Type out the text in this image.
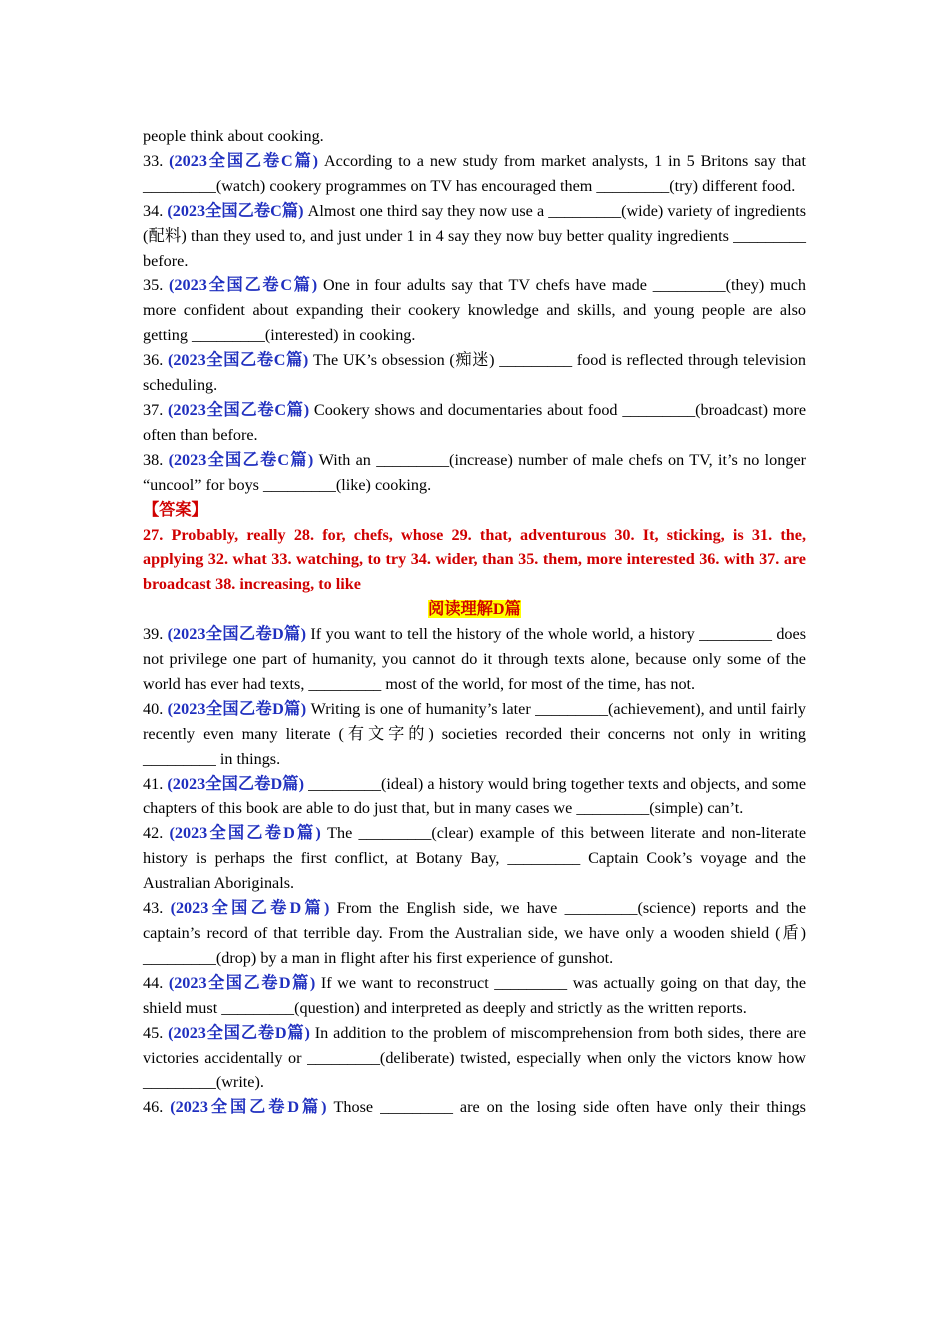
people think about cooking.

33. (2023全国乙卷C篇) According to a new study from market analysts, 1 in 5 Britons say that _________(watch) cookery programmes on TV has encouraged them _________(try) different food.

34. (2023全国乙卷C篇) Almost one third say they now use a _________(wide) variety of ingredients (配料) than they used to, and just under 1 in 4 say they now buy better quality ingredients _________ before.

35. (2023全国乙卷C篇) One in four adults say that TV chefs have made _________(they) much more confident about expanding their cookery knowledge and skills, and young people are also getting _________(interested) in cooking.

36. (2023全国乙卷C篇) The UK’s obsession (痴迷) _________ food is reflected through television scheduling.

37. (2023全国乙卷C篇) Cookery shows and documentaries about food _________(broadcast) more often than before.

38. (2023全国乙卷C篇) With an _________(increase) number of male chefs on TV, it’s no longer “uncool” for boys _________(like) cooking.

【答案】

27. Probably, really 28. for, chefs, whose 29. that, adventurous 30. It, sticking, is 31. the, applying 32. what 33. watching, to try 34. wider, than 35. them, more interested 36. with 37. are broadcast 38. increasing, to like

阅读理解D篇

39. (2023全国乙卷D篇) If you want to tell the history of the whole world, a history _________ does not privilege one part of humanity, you cannot do it through texts alone, because only some of the world has ever had texts, _________ most of the world, for most of the time, has not.

40. (2023全国乙卷D篇) Writing is one of humanity’s later _________(achievement), and until fairly recently even many literate (有文字的) societies recorded their concerns not only in writing _________ in things.

41. (2023全国乙卷D篇) _________(ideal) a history would bring together texts and objects, and some chapters of this book are able to do just that, but in many cases we _________(simple) can’t.

42. (2023全国乙卷D篇) The _________(clear) example of this between literate and non-literate history is perhaps the first conflict, at Botany Bay, _________ Captain Cook’s voyage and the Australian Aboriginals.

43. (2023全国乙卷D篇) From the English side, we have _________(science) reports and the captain’s record of that terrible day. From the Australian side, we have only a wooden shield (盾) _________(drop) by a man in flight after his first experience of gunshot.

44. (2023全国乙卷D篇) If we want to reconstruct _________ was actually going on that day, the shield must _________(question) and interpreted as deeply and strictly as the written reports.

45. (2023全国乙卷D篇) In addition to the problem of miscomprehension from both sides, there are victories accidentally or _________(deliberate) twisted, especially when only the victors know how _________(write).

46. (2023全国乙卷D篇) Those _________ are on the losing side often have only their things
